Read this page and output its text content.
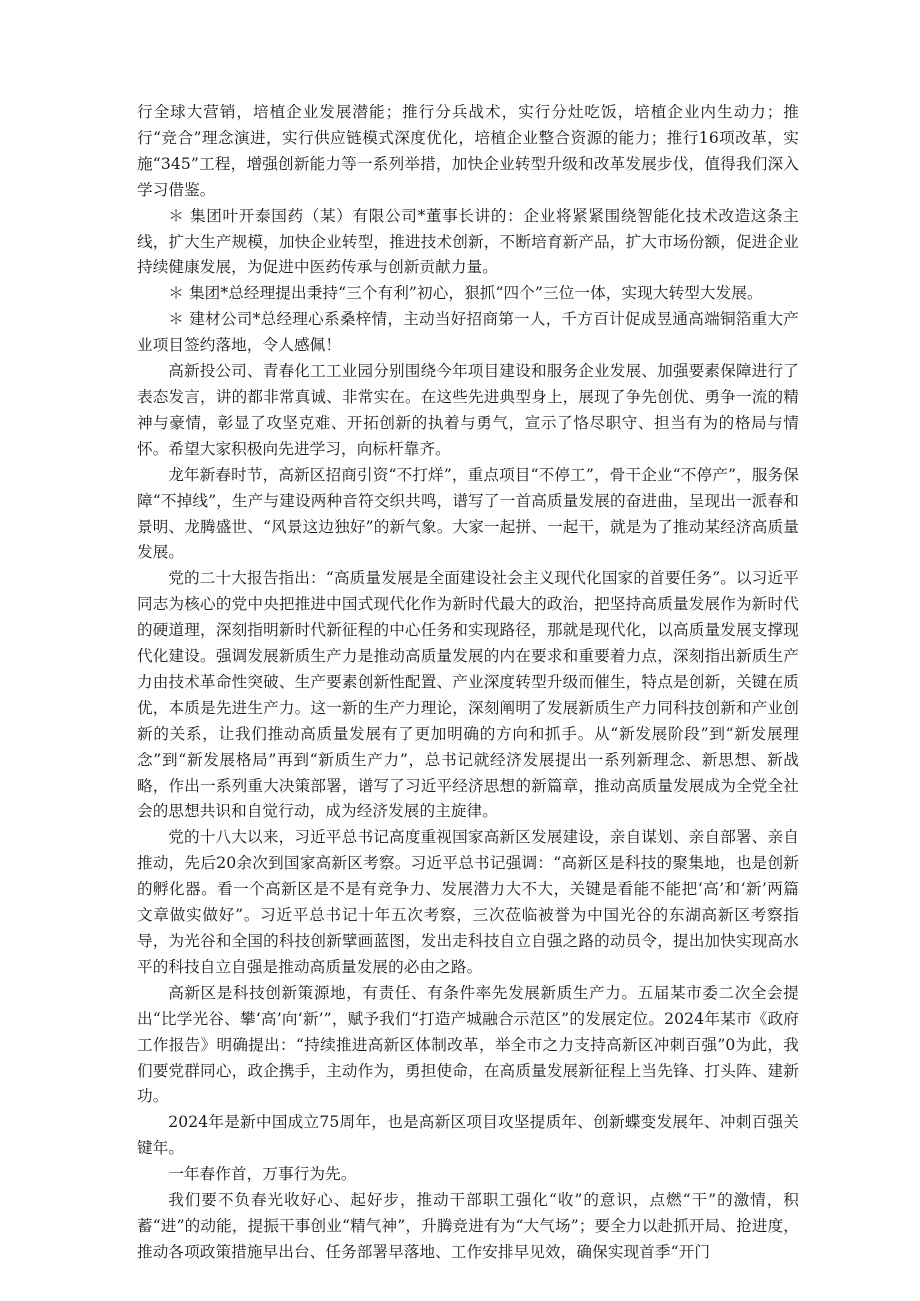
行全球大营销，培植企业发展潜能；推行分兵战术，实行分灶吃饭，培植企业内生动力；推行“竞合”理念演进，实行供应链模式深度优化，培植企业整合资源的能力；推行16项改革，实施“345”工程，增强创新能力等一系列举措，加快企业转型升级和改革发展步伐，值得我们深入学习借鉴。

＊ 集团叶开泰国药（某）有限公司*董事长讲的：企业将紧紧围绕智能化技术改造这条主线，扩大生产规模，加快企业转型，推进技术创新，不断培育新产品，扩大市场份额，促进企业持续健康发展，为促进中医药传承与创新贡献力量。

＊ 集团*总经理提出秉持“三个有利”初心，狠抓“四个”三位一体，实现大转型大发展。

＊ 建材公司*总经理心系桑梓情，主动当好招商第一人，千方百计促成昱通高端铜箔重大产业项目签约落地，令人感佩！

高新投公司、青春化工工业园分别围绕今年项目建设和服务企业发展、加强要素保障进行了表态发言，讲的都非常真诚、非常实在。在这些先进典型身上，展现了争先创优、勇争一流的精神与豪情，彰显了攻坚克难、开拓创新的执着与勇气，宣示了恪尽职守、担当有为的格局与情怀。希望大家积极向先进学习，向标杆靠齐。

龙年新春时节，高新区招商引资“不打烊”，重点项目“不停工”，骨干企业“不停产”，服务保障“不掉线”，生产与建设两种音符交织共鸣，谱写了一首高质量发展的奋进曲，呈现出一派春和景明、龙腾盛世、“风景这边独好”的新气象。大家一起拼、一起干，就是为了推动某经济高质量发展。

党的二十大报告指出：“高质量发展是全面建设社会主义现代化国家的首要任务”。以习近平同志为核心的党中央把推进中国式现代化作为新时代最大的政治，把坚持高质量发展作为新时代的硬道理，深刻指明新时代新征程的中心任务和实现路径，那就是现代化，以高质量发展支撑现代化建设。强调发展新质生产力是推动高质量发展的内在要求和重要着力点，深刻指出新质生产力由技术革命性突破、生产要素创新性配置、产业深度转型升级而催生，特点是创新，关键在质优，本质是先进生产力。这一新的生产力理论，深刻阐明了发展新质生产力同科技创新和产业创新的关系，让我们推动高质量发展有了更加明确的方向和抓手。从“新发展阶段”到“新发展理念”到“新发展格局”再到“新质生产力”，总书记就经济发展提出一系列新理念、新思想、新战略，作出一系列重大决策部署，谱写了习近平经济思想的新篇章，推动高质量发展成为全党全社会的思想共识和自觉行动，成为经济发展的主旋律。

党的十八大以来，习近平总书记高度重视国家高新区发展建设，亲自谋划、亲自部署、亲自推动，先后20余次到国家高新区考察。习近平总书记强调：“高新区是科技的聚集地，也是创新的孵化器。看一个高新区是不是有竞争力、发展潜力大不大，关键是看能不能把‘高’和‘新’两篇文章做实做好”。习近平总书记十年五次考察，三次莅临被誉为中国光谷的东湖高新区考察指导，为光谷和全国的科技创新擘画蓝图，发出走科技自立自强之路的动员令，提出加快实现高水平的科技自立自强是推动高质量发展的必由之路。

高新区是科技创新策源地，有责任、有条件率先发展新质生产力。五届某市委二次全会提出“比学光谷、攀‘高’向‘新’”，赋予我们“打造产城融合示范区”的发展定位。2024年某市《政府工作报告》明确提出：“持续推进高新区体制改革，举全市之力支持高新区冲刺百强”0为此，我们要党群同心，政企携手，主动作为，勇担使命，在高质量发展新征程上当先锋、打头阵、建新功。

2024年是新中国成立75周年，也是高新区项目攻坚提质年、创新蝶变发展年、冲刺百强关键年。

一年春作首，万事行为先。

我们要不负春光收好心、起好步，推动干部职工强化“收”的意识，点燃“干”的激情，积蓄“进”的动能，提振干事创业“精气神”，升腾竞进有为“大气场”；要全力以赴抓开局、抢进度，推动各项政策措施早出台、任务部署早落地、工作安排早见效，确保实现首季“开门
